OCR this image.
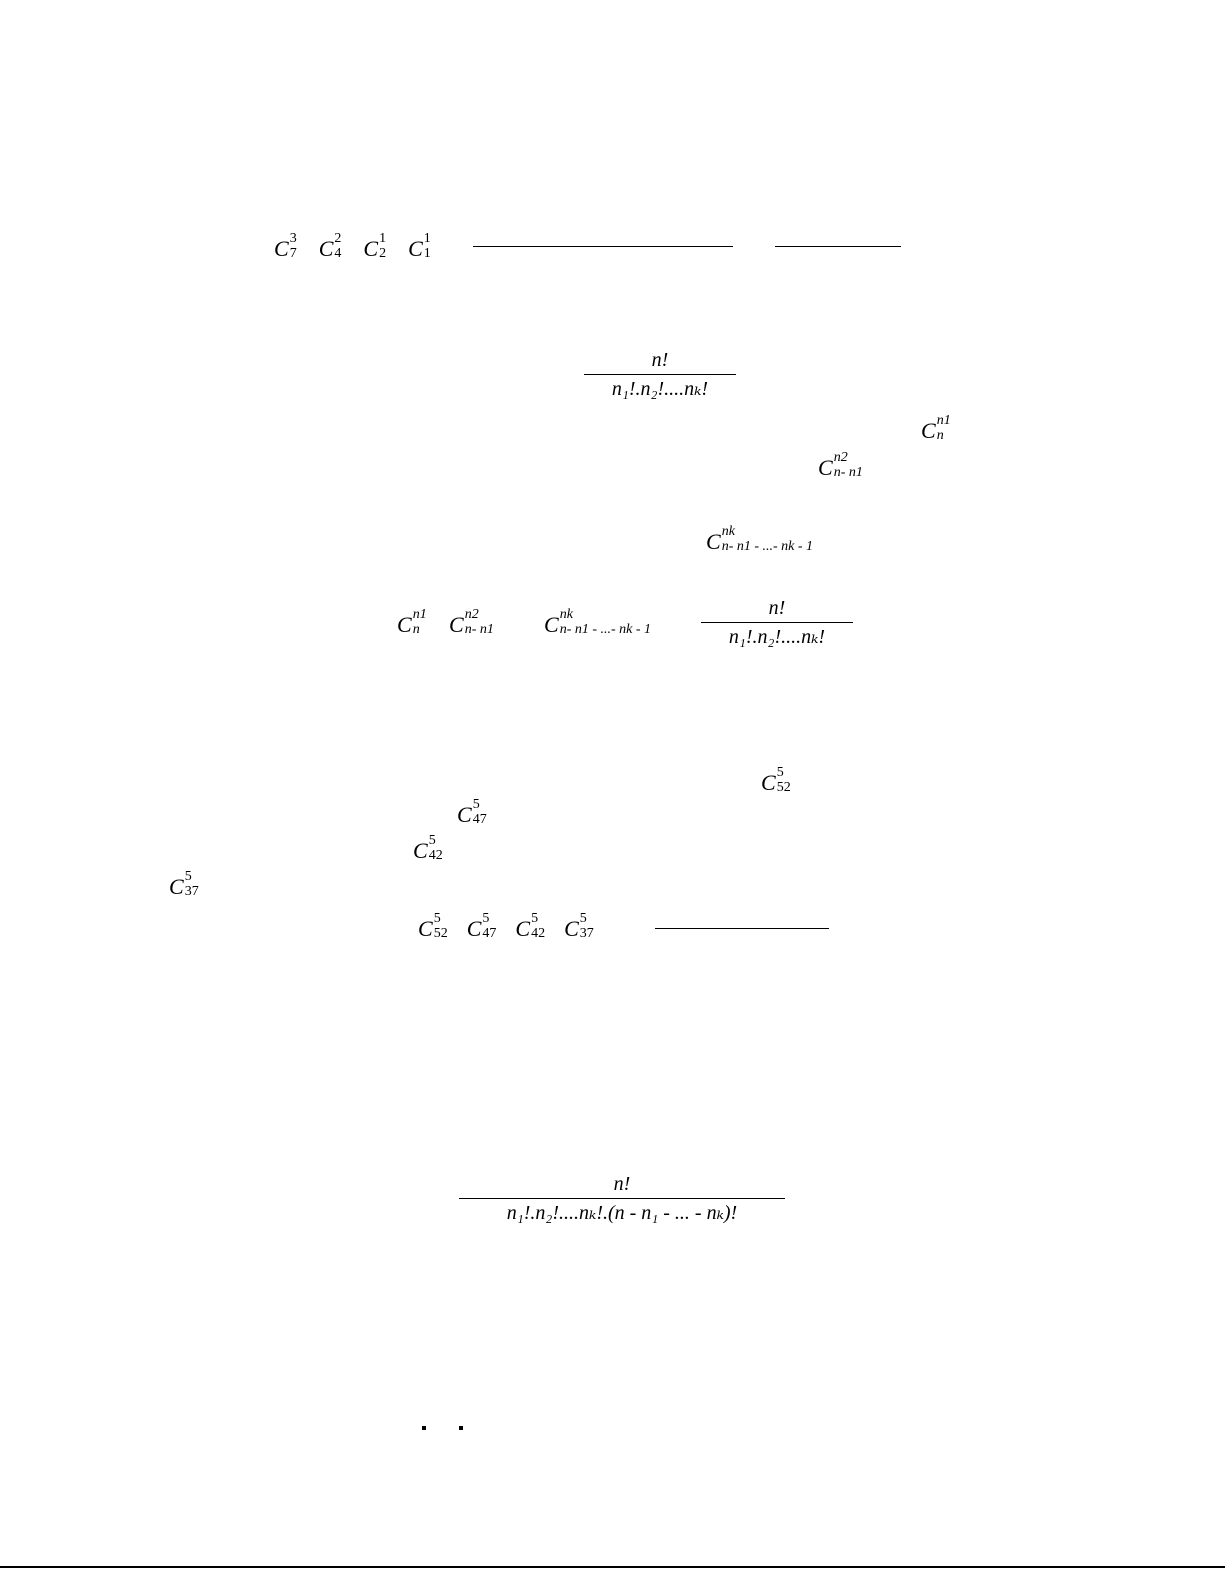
C 3
7 C 2
4 C 1
2 C 1
1
n!
n₁!.n₂!....nₖ!
C n1
n
C n2
n- n1
C nk
n- n1 - ...- nk - 1
C n1
n C n2
n- n1 C nk
n- n1 - ...- nk - 1
n!
n₁!.n₂!....nₖ!
C 5
52
C 5
47
C 5
42
C 5
37
C 5
52 C 5
47 C 5
42 C 5
37
n!
n₁!.n₂!....nₖ!.(n - n₁ - ... - nₖ)!
